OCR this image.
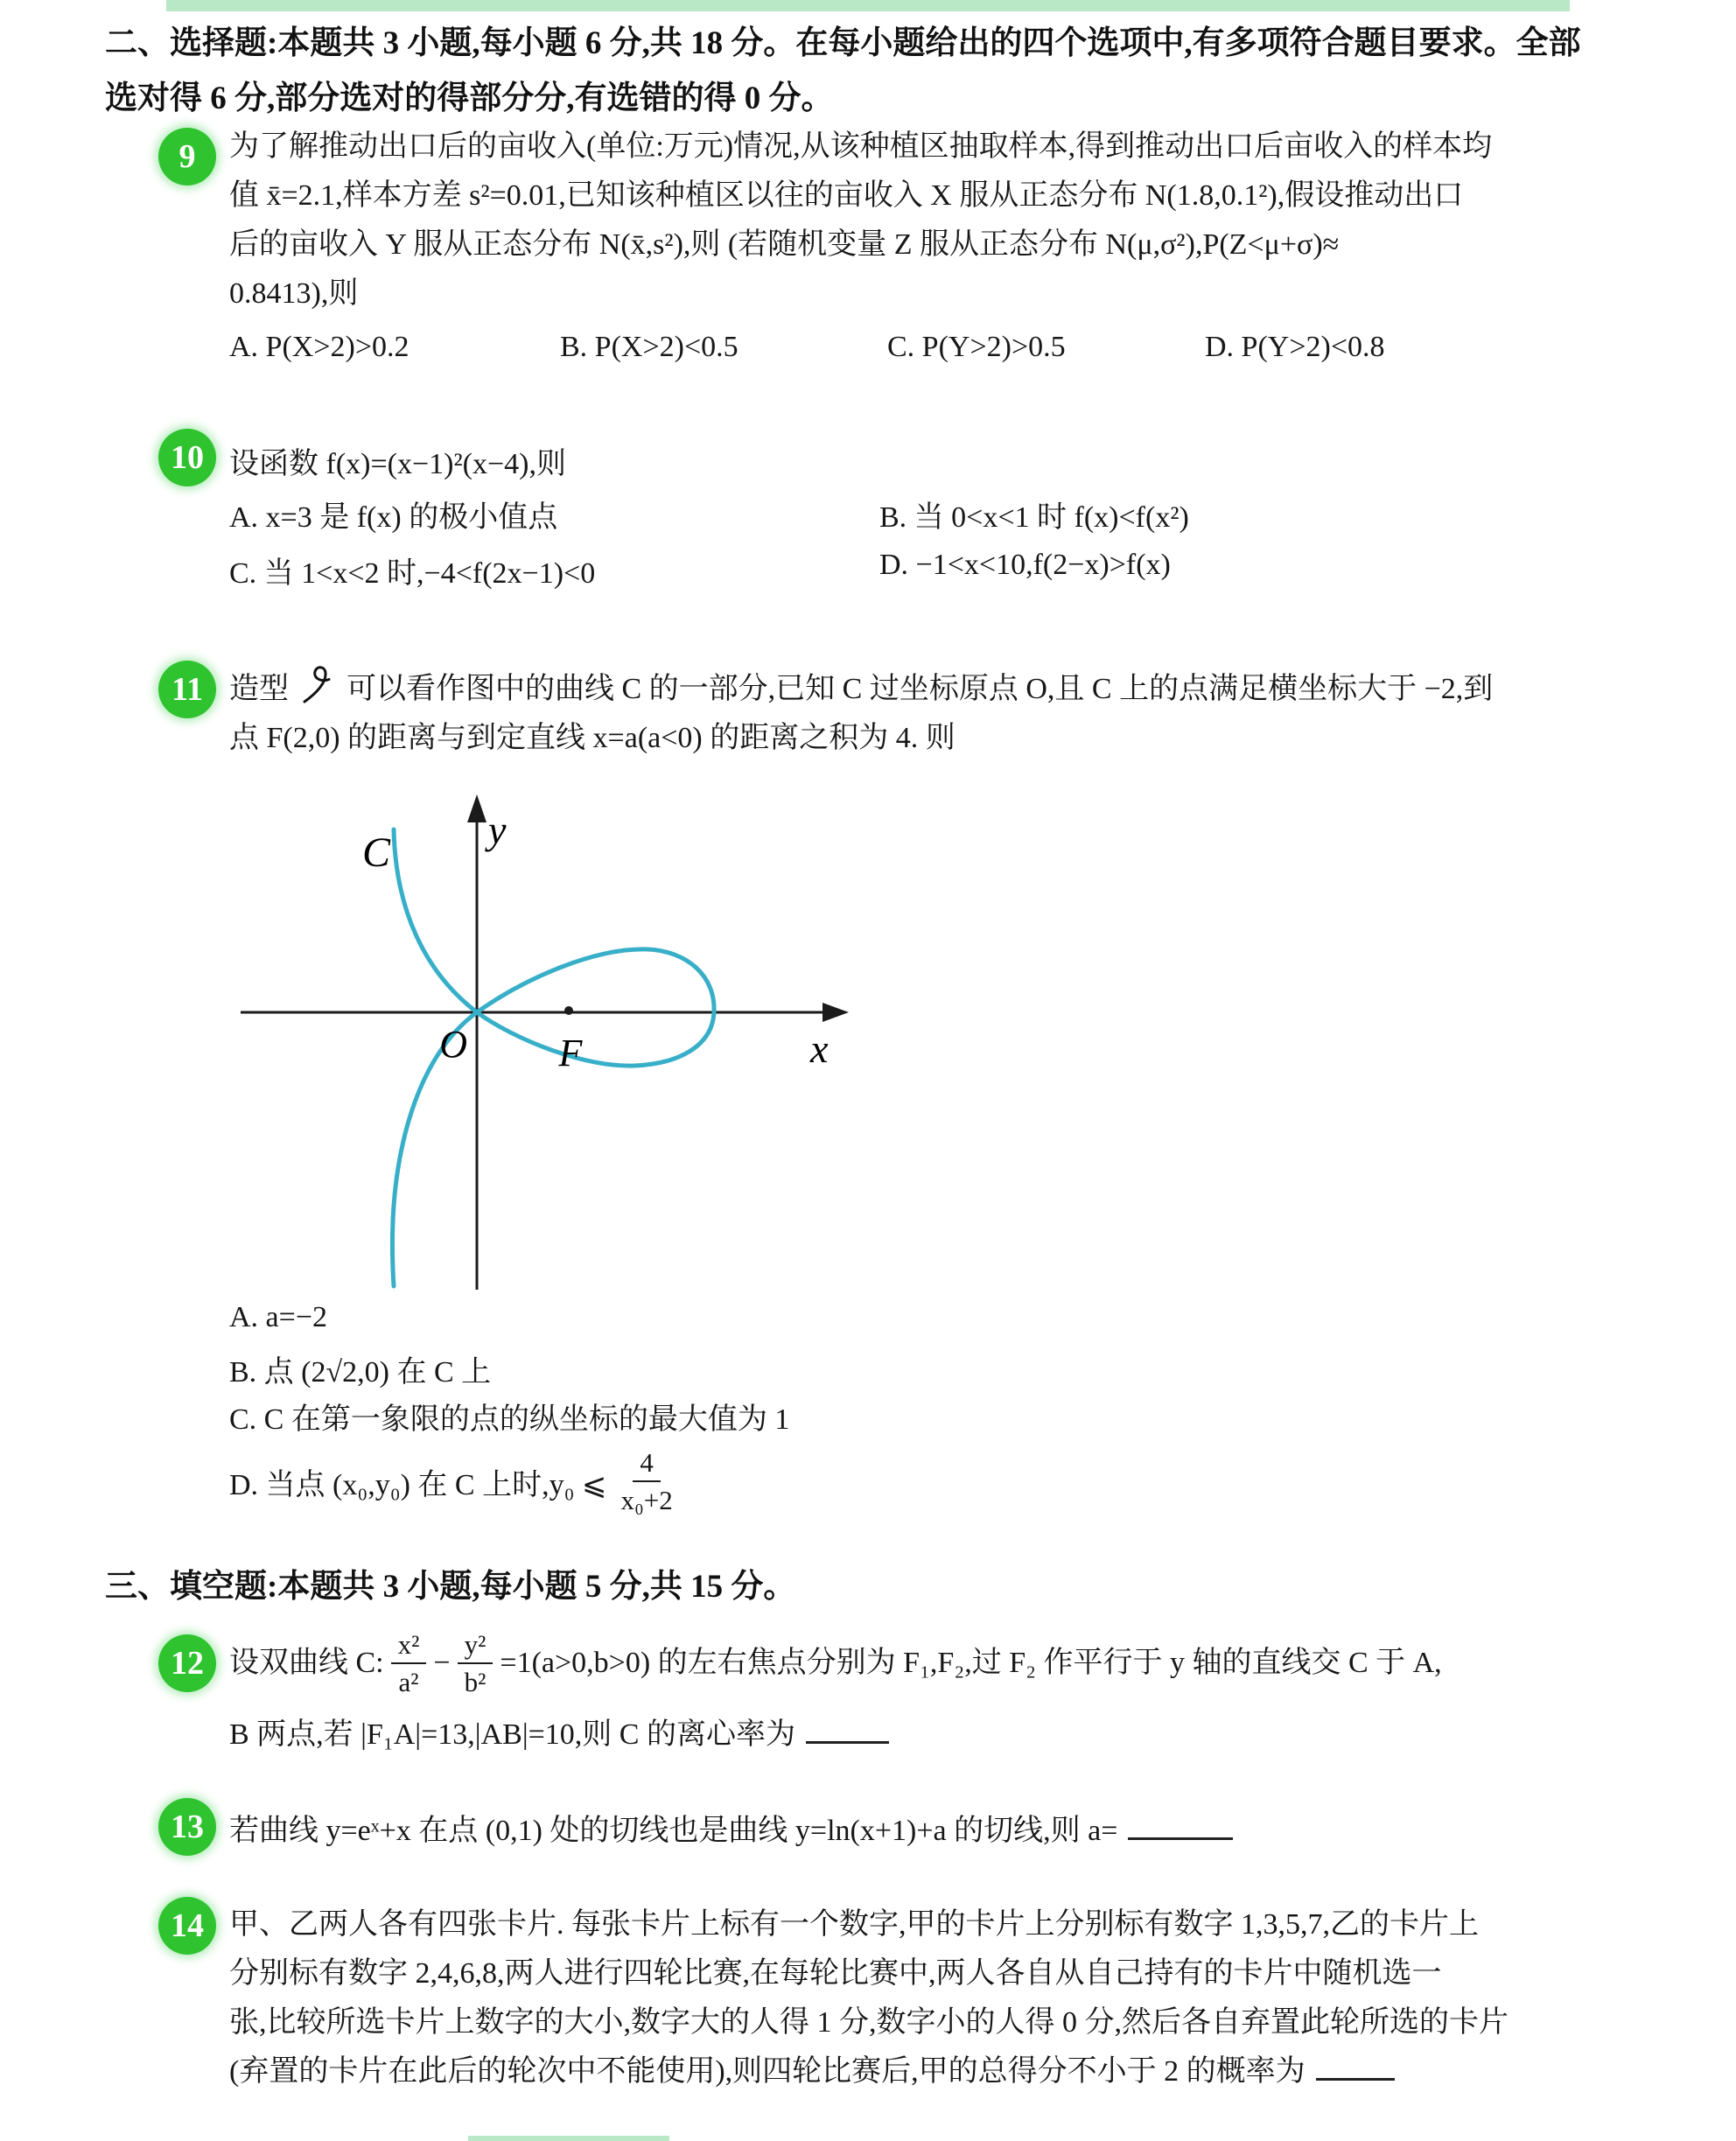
二、选择题:本题共 3 小题,每小题 6 分,共 18 分。在每小题给出的四个选项中,有多项符合题目要求。全部
选对得 6 分,部分选对的得部分分,有选错的得 0 分。
9 为了解推动出口后的亩收入(单位:万元)情况,从该种植区抽取样本,得到推动出口后亩收入的样本均
值 x̄=2.1,样本方差 s²=0.01,已知该种植区以往的亩收入 X 服从正态分布 N(1.8,0.1²),假设推动出口
后的亩收入 Y 服从正态分布 N(x̄,s²),则 (若随机变量 Z 服从正态分布 N(μ,σ²),P(Z<μ+σ)≈
0.8413),则
A. P(X>2)>0.2	B. P(X>2)<0.5	C. P(Y>2)>0.5	D. P(Y>2)<0.8
10 设函数 f(x)=(x−1)²(x−4),则
A. x=3 是 f(x) 的极小值点	B. 当 0<x<1 时 f(x)<f(x²)
C. 当 1<x<2 时,−4<f(2x−1)<0	D. −1<x<10,f(2−x)>f(x)
11 造型 可以看作图中的曲线 C 的一部分,已知 C 过坐标原点 O,且 C 上的点满足横坐标大于 −2,到
点 F(2,0) 的距离与到定直线 x=a(a<0) 的距离之积为 4. 则
y
x
O F
C
A. a=−2
B. 点 (2√2,0) 在 C 上
C. C 在第一象限的点的纵坐标的最大值为 1
D. 当点 (x₀,y₀) 在 C 上时,y₀ ⩽ $\frac{4}{\text{x₀+2}}$
三、填空题:本题共 3 小题,每小题 5 分,共 15 分。
12 设双曲线 C: $\frac{\text{x²}}{\text{a²}} - \frac{\text{y²}}{\text{b²}} =1(a>0,b>0)$ 的左右焦点分别为 F₁,F₂,过 F₂ 作平行于 y 轴的直线交 C 于 A,
B 两点,若 |F₁A|=13,|AB|=10,则 C 的离心率为
13 若曲线 y=eˣ+x 在点 (0,1) 处的切线也是曲线 y=ln(x+1)+a 的切线,则 a=
14 甲、乙两人各有四张卡片. 每张卡片上标有一个数字,甲的卡片上分别标有数字 1,3,5,7,乙的卡片上
分别标有数字 2,4,6,8,两人进行四轮比赛,在每轮比赛中,两人各自从自己持有的卡片中随机选一
张,比较所选卡片上数字的大小,数字大的人得 1 分,数字小的人得 0 分,然后各自弃置此轮所选的卡片
(弃置的卡片在此后的轮次中不能使用),则四轮比赛后,甲的总得分不小于 2 的概率为
